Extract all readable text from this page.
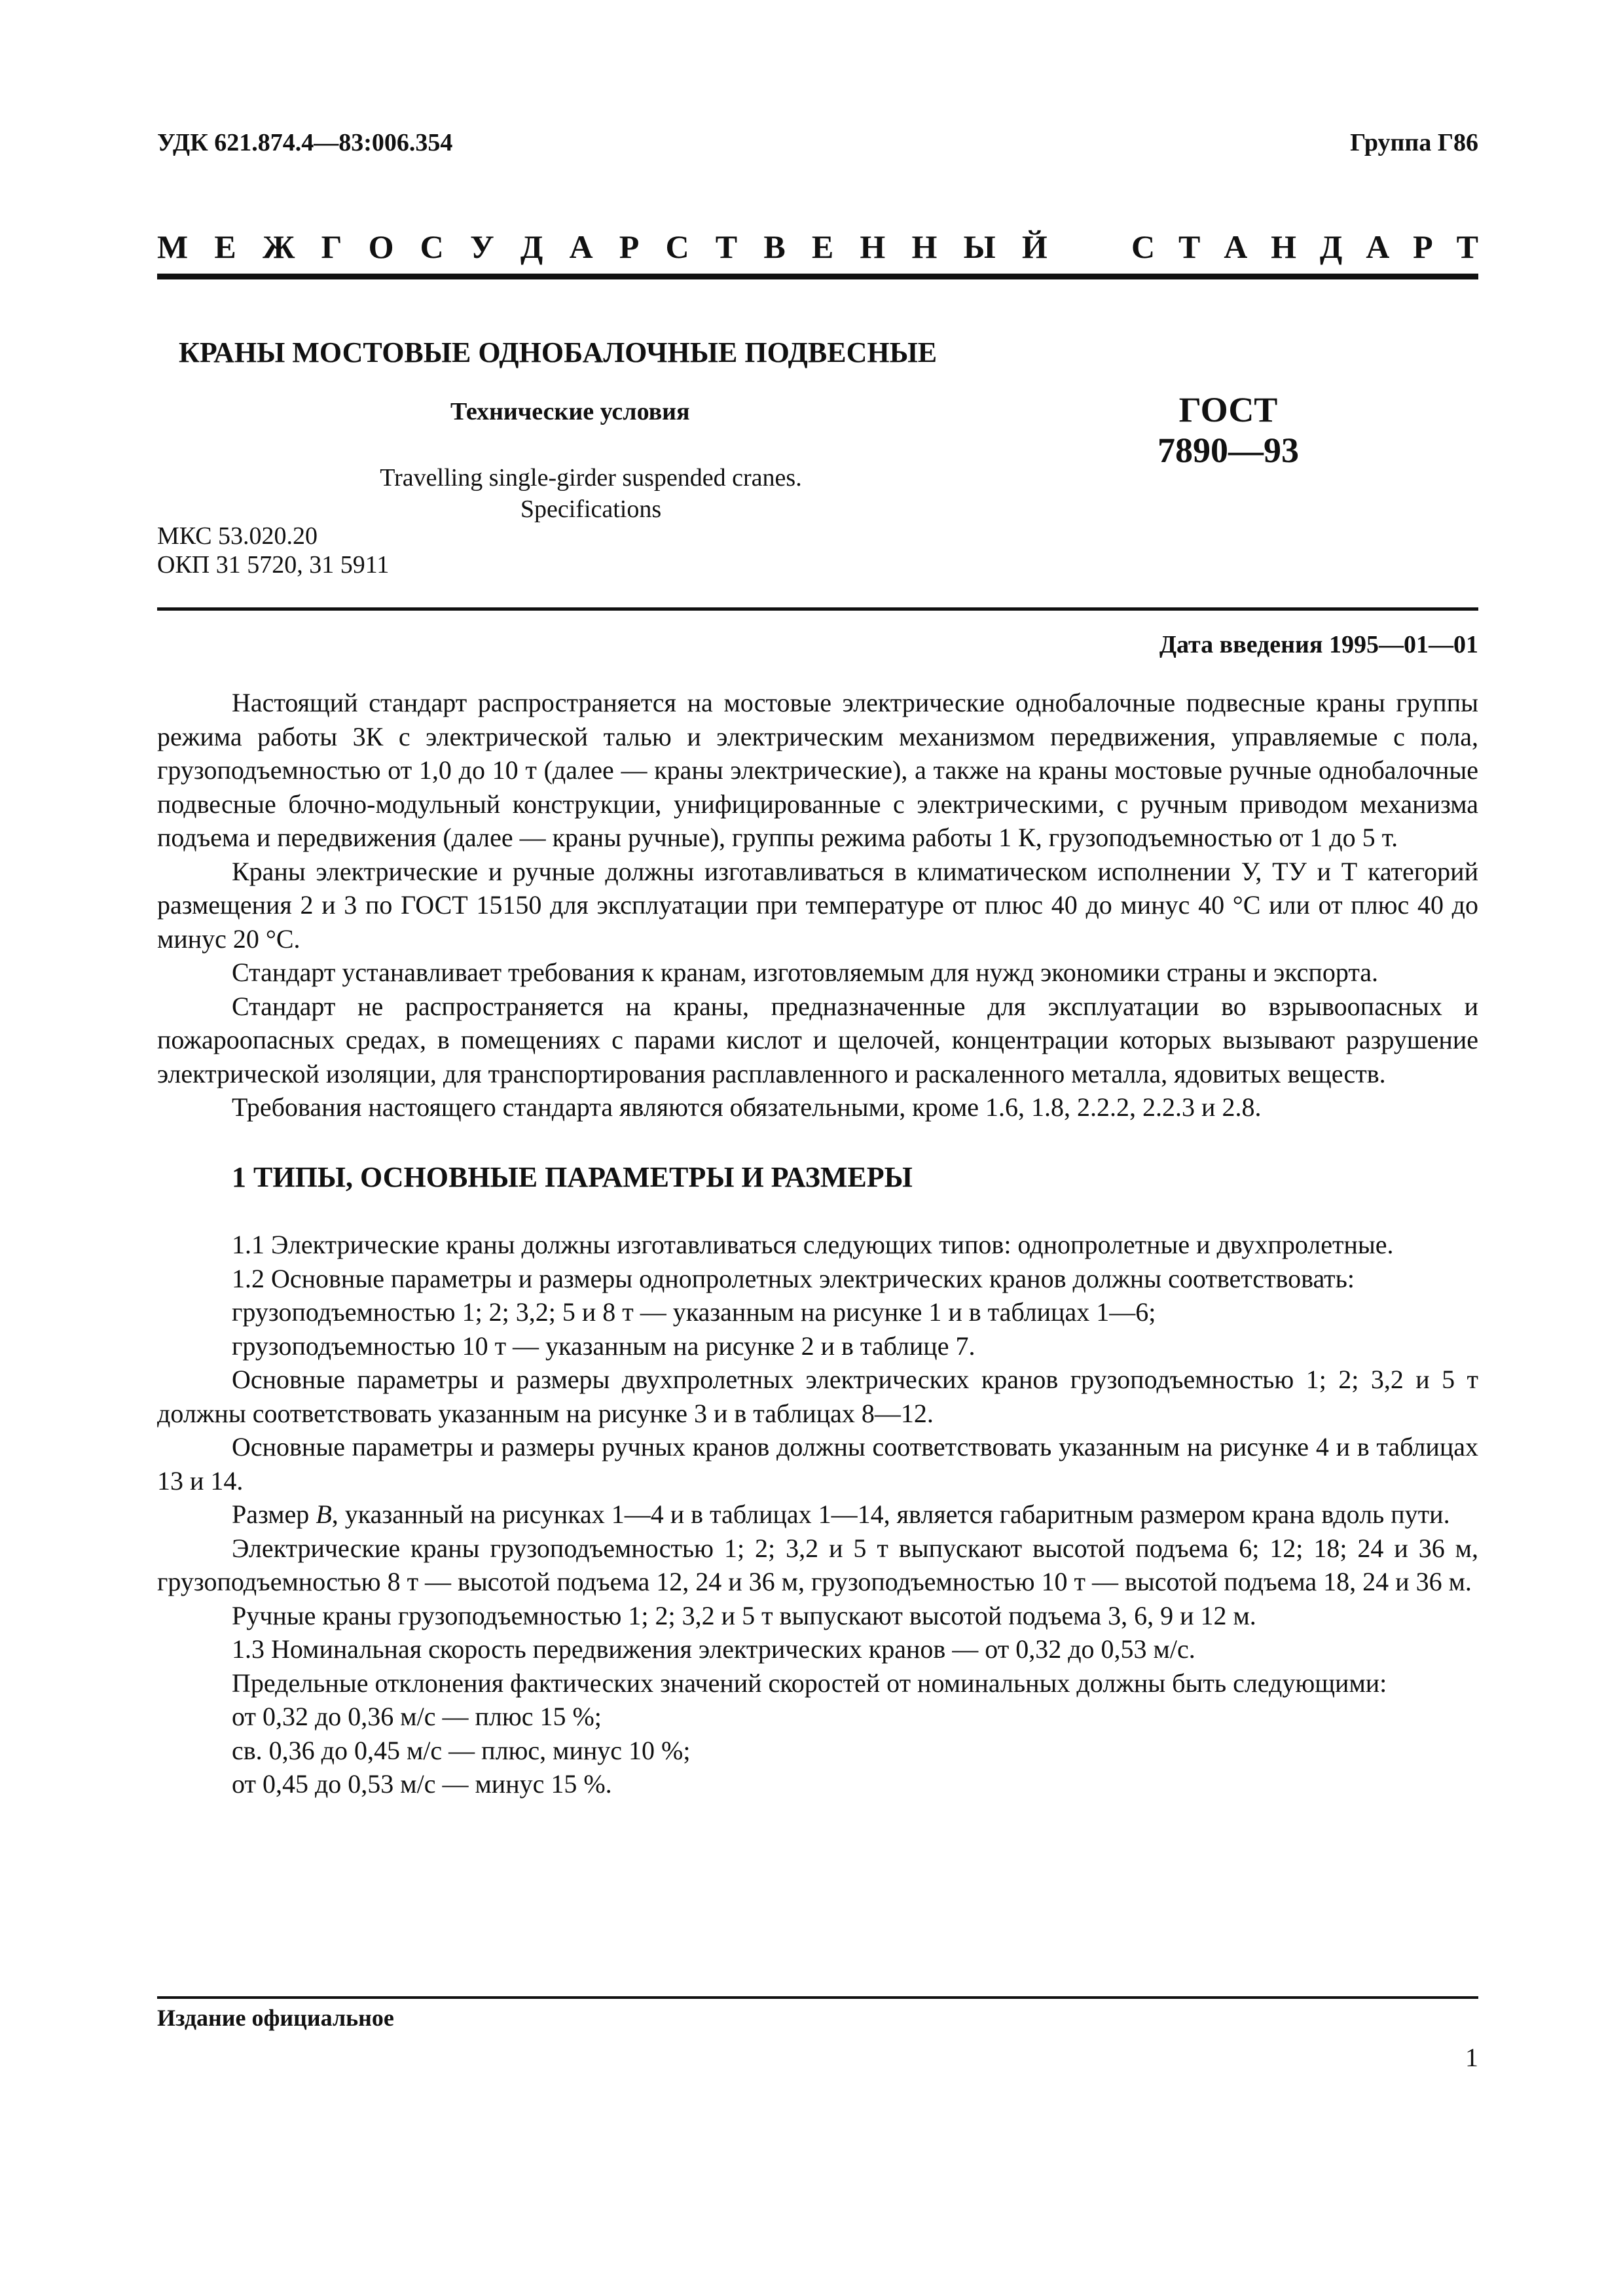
УДК 621.874.4—83:006.354	Группа Г86
М Е Ж Г О С У Д А Р С Т В Е Н Н Ы Й	С Т А Н Д А Р Т
КРАНЫ МОСТОВЫЕ ОДНОБАЛОЧНЫЕ ПОДВЕСНЫЕ
Технические условия
Travelling single-girder suspended cranes.
Specifications
ГОСТ
7890—93
МКС 53.020.20
ОКП 31 5720, 31 5911
Дата введения 1995—01—01

Настоящий стандарт распространяется на мостовые электрические однобалочные подвесные краны группы режима работы 3К с электрической талью и электрическим механизмом передвижения, управляемые с пола, грузоподъемностью от 1,0 до 10 т (далее — краны электрические), а также на краны мостовые ручные однобалочные подвесные блочно-модульный конструкции, унифицированные с электрическими, с ручным приводом механизма подъема и передвижения (далее — краны ручные), группы режима работы 1 К, грузоподъемностью от 1 до 5 т.

Краны электрические и ручные должны изготавливаться в климатическом исполнении У, ТУ и Т категорий размещения 2 и 3 по ГОСТ 15150 для эксплуатации при температуре от плюс 40 до минус 40 °С или от плюс 40 до минус 20 °С.

Стандарт устанавливает требования к кранам, изготовляемым для нужд экономики страны и экспорта.

Стандарт не распространяется на краны, предназначенные для эксплуатации во взрывоопасных и пожароопасных средах, в помещениях с парами кислот и щелочей, концентрации которых вызывают разрушение электрической изоляции, для транспортирования расплавленного и раскаленного металла, ядовитых веществ.

Требования настоящего стандарта являются обязательными, кроме 1.6, 1.8, 2.2.2, 2.2.3 и 2.8.

1 ТИПЫ, ОСНОВНЫЕ ПАРАМЕТРЫ И РАЗМЕРЫ

1.1 Электрические краны должны изготавливаться следующих типов: однопролетные и двухпролетные.

1.2 Основные параметры и размеры однопролетных электрических кранов должны соответствовать:

грузоподъемностью 1; 2; 3,2; 5 и 8 т — указанным на рисунке 1 и в таблицах 1—6;

грузоподъемностью 10 т — указанным на рисунке 2 и в таблице 7.

Основные параметры и размеры двухпролетных электрических кранов грузоподъемностью 1; 2; 3,2 и 5 т должны соответствовать указанным на рисунке 3 и в таблицах 8—12.

Основные параметры и размеры ручных кранов должны соответствовать указанным на рисунке 4 и в таблицах 13 и 14.

Размер B, указанный на рисунках 1—4 и в таблицах 1—14, является габаритным размером крана вдоль пути.

Электрические краны грузоподъемностью 1; 2; 3,2 и 5 т выпускают высотой подъема 6; 12; 18; 24 и 36 м, грузоподъемностью 8 т — высотой подъема 12, 24 и 36 м, грузоподъемностью 10 т — высотой подъема 18, 24 и 36 м.

Ручные краны грузоподъемностью 1; 2; 3,2 и 5 т выпускают высотой подъема 3, 6, 9 и 12 м.

1.3 Номинальная скорость передвижения электрических кранов — от 0,32 до 0,53 м/с.

Предельные отклонения фактических значений скоростей от номинальных должны быть следующими:

от 0,32 до 0,36 м/с — плюс 15 %;

св. 0,36 до 0,45 м/с — плюс, минус 10 %;

от 0,45 до 0,53 м/с — минус 15 %.

Издание официальное
1
